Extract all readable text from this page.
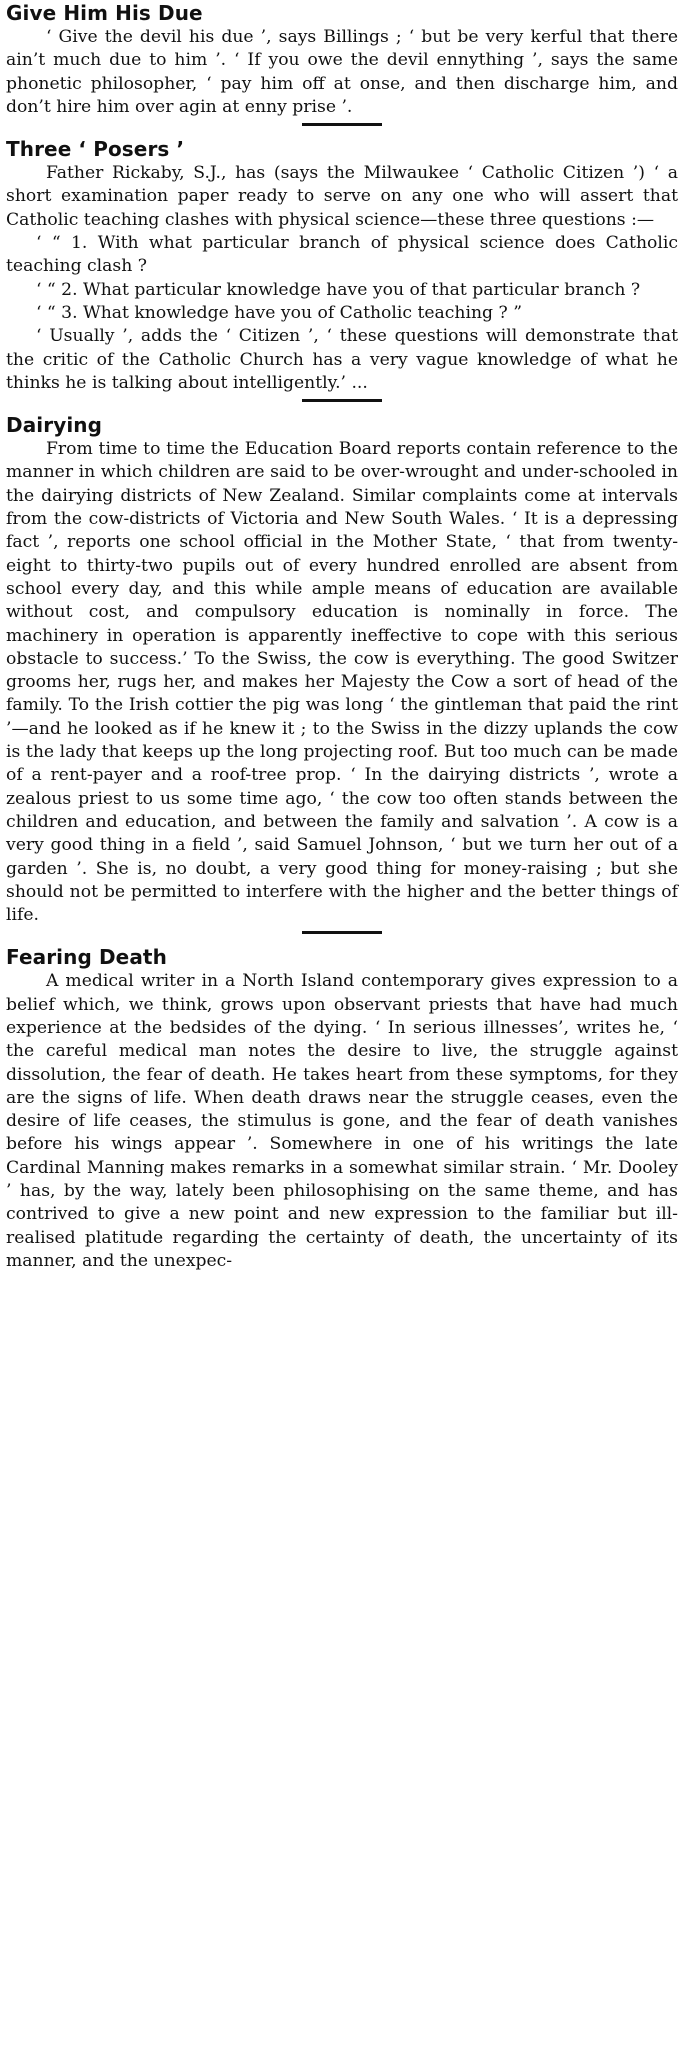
Give Him His Due

‘ Give the devil his due ’, says Billings ; ‘ but be very kerful that there ain’t much due to him ’. ‘ If you owe the devil ennything ’, says the same phonetic philosopher, ‘ pay him off at onse, and then discharge him, and don’t hire him over agin at enny prise ’.

Three ‘ Posers ’

Father Rickaby, S.J., has (says the Milwaukee ‘ Catholic Citizen ’) ‘ a short examination paper ready to serve on any one who will assert that Catholic teaching clashes with physical science—these three questions :—

‘ “ 1. With what particular branch of physical science does Catholic teaching clash ?

‘ “ 2. What particular knowledge have you of that particular branch ?

‘ “ 3. What knowledge have you of Catholic teaching ? ”

‘ Usually ’, adds the ‘ Citizen ’, ‘ these questions will demonstrate that the critic of the Catholic Church has a very vague knowledge of what he thinks he is talking about intelligently.’ ...

Dairying

From time to time the Education Board reports contain reference to the manner in which children are said to be over-wrought and under-schooled in the dairying districts of New Zealand. Similar complaints come at intervals from the cow-districts of Victoria and New South Wales. ‘ It is a depressing fact ’, reports one school official in the Mother State, ‘ that from twenty-eight to thirty-two pupils out of every hundred enrolled are absent from school every day, and this while ample means of education are available without cost, and compulsory education is nominally in force. The machinery in operation is apparently ineffective to cope with this serious obstacle to success.’ To the Swiss, the cow is everything. The good Switzer grooms her, rugs her, and makes her Majesty the Cow a sort of head of the family. To the Irish cottier the pig was long ‘ the gintleman that paid the rint ’—and he looked as if he knew it ; to the Swiss in the dizzy uplands the cow is the lady that keeps up the long projecting roof. But too much can be made of a rent-payer and a roof-tree prop. ‘ In the dairying districts ’, wrote a zealous priest to us some time ago, ‘ the cow too often stands between the children and education, and between the family and salvation ’. A cow is a very good thing in a field ’, said Samuel Johnson, ‘ but we turn her out of a garden ’. She is, no doubt, a very good thing for money-raising ; but she should not be permitted to interfere with the higher and the better things of life.

Fearing Death

A medical writer in a North Island contemporary gives expression to a belief which, we think, grows upon observant priests that have had much experience at the bedsides of the dying. ‘ In serious illnesses’, writes he, ‘ the careful medical man notes the desire to live, the struggle against dissolution, the fear of death. He takes heart from these symptoms, for they are the signs of life. When death draws near the struggle ceases, even the desire of life ceases, the stimulus is gone, and the fear of death vanishes before his wings appear ’. Somewhere in one of his writings the late Cardinal Manning makes remarks in a somewhat similar strain. ‘ Mr. Dooley ’ has, by the way, lately been philosophising on the same theme, and has contrived to give a new point and new expression to the familiar but ill-realised platitude regarding the certainty of death, the uncertainty of its manner, and the unexpec-
